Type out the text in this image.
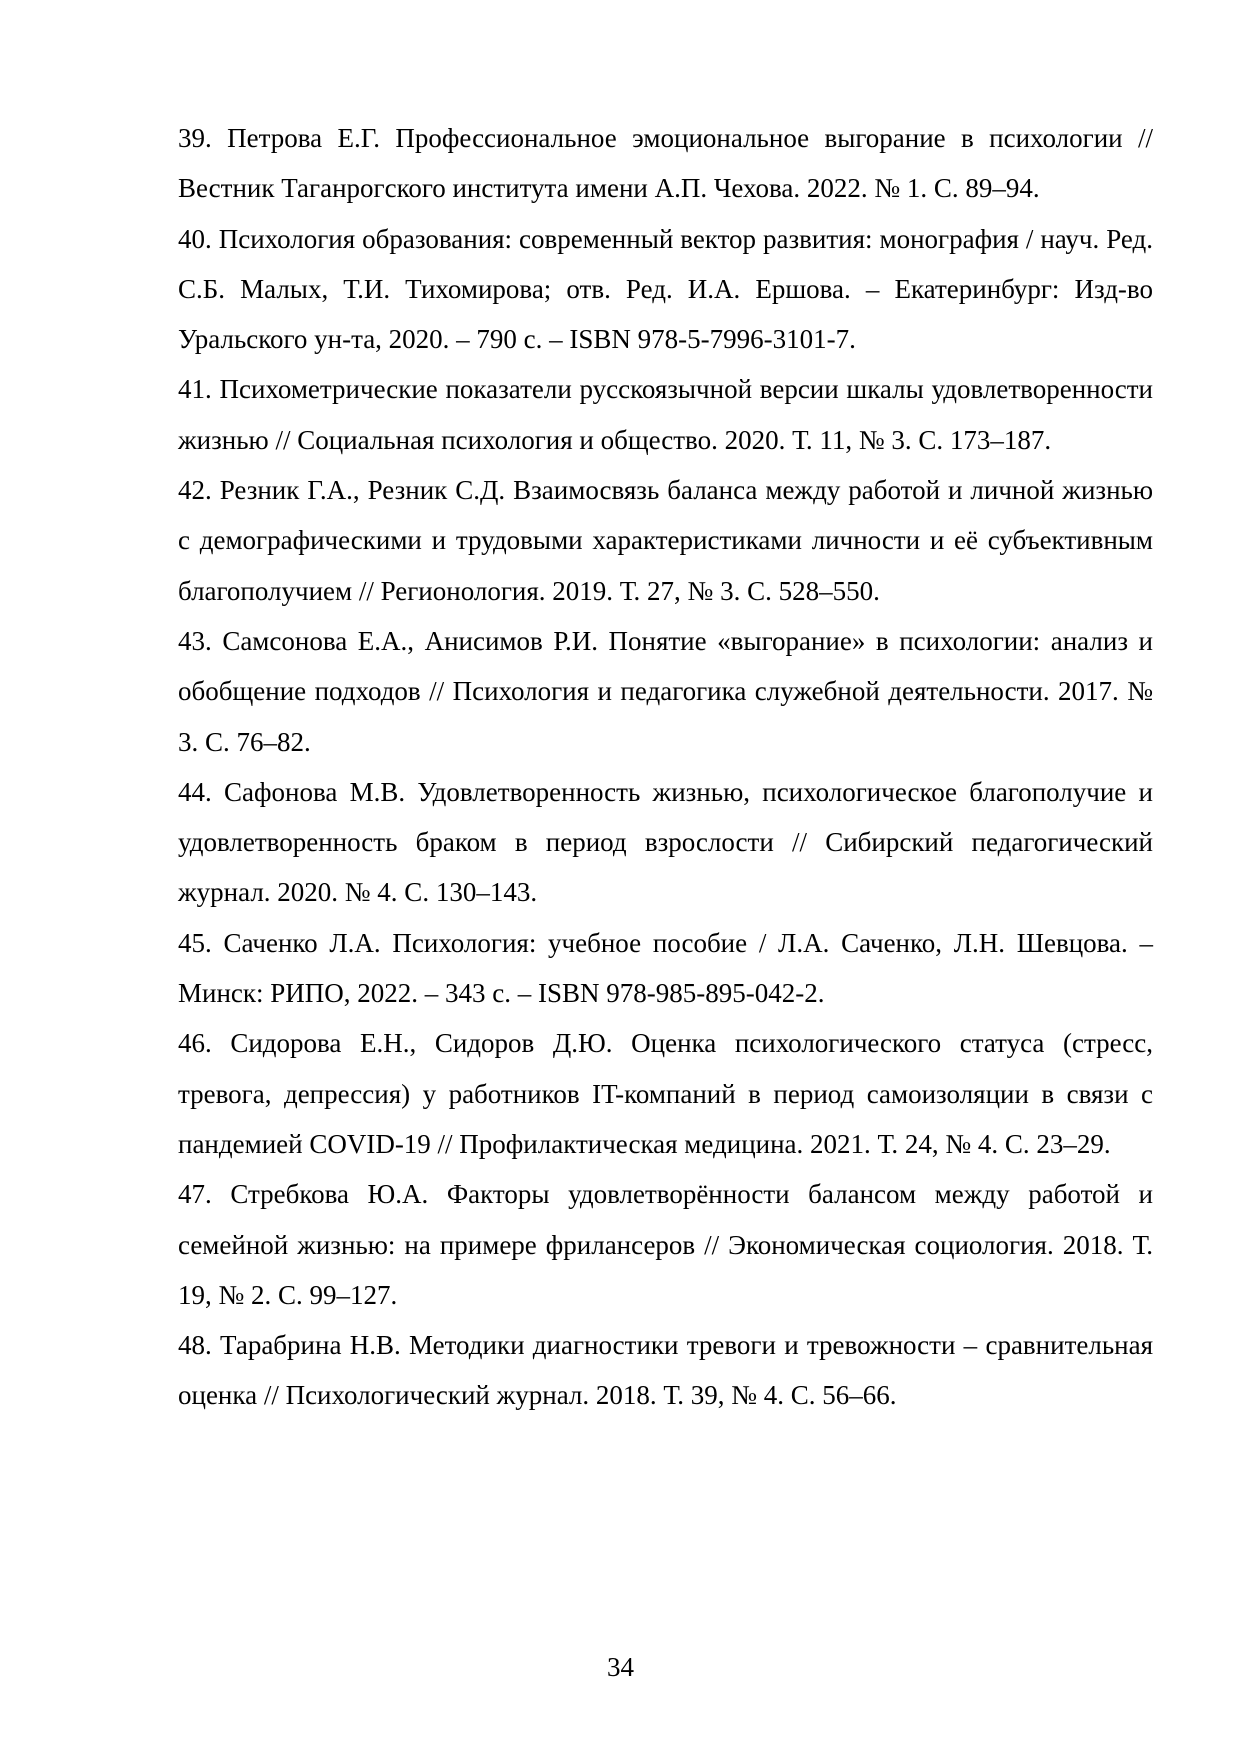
39. Петрова Е.Г. Профессиональное эмоциональное выгорание в психологии // Вестник Таганрогского института имени А.П. Чехова. 2022. № 1. С. 89–94.
40. Психология образования: современный вектор развития: монография / науч. Ред. С.Б. Малых, Т.И. Тихомирова; отв. Ред. И.А. Ершова. – Екатеринбург: Изд-во Уральского ун-та, 2020. – 790 с. – ISBN 978-5-7996-3101-7.
41. Психометрические показатели русскоязычной версии шкалы удовлетворенности жизнью // Социальная психология и общество. 2020. Т. 11, № 3. С. 173–187.
42. Резник Г.А., Резник С.Д. Взаимосвязь баланса между работой и личной жизнью с демографическими и трудовыми характеристиками личности и её субъективным благополучием // Регионология. 2019. Т. 27, № 3. С. 528–550.
43. Самсонова Е.А., Анисимов Р.И. Понятие «выгорание» в психологии: анализ и обобщение подходов // Психология и педагогика служебной деятельности. 2017. № 3. С. 76–82.
44. Сафонова М.В. Удовлетворенность жизнью, психологическое благополучие и удовлетворенность браком в период взрослости // Сибирский педагогический журнал. 2020. № 4. С. 130–143.
45. Саченко Л.А. Психология: учебное пособие / Л.А. Саченко, Л.Н. Шевцова. – Минск: РИПО, 2022. – 343 с. – ISBN 978-985-895-042-2.
46. Сидорова Е.Н., Сидоров Д.Ю. Оценка психологического статуса (стресс, тревога, депрессия) у работников IT-компаний в период самоизоляции в связи с пандемией COVID-19 // Профилактическая медицина. 2021. Т. 24, № 4. С. 23–29.
47. Стребкова Ю.А. Факторы удовлетворённости балансом между работой и семейной жизнью: на примере фрилансеров // Экономическая социология. 2018. Т. 19, № 2. С. 99–127.
48. Тарабрина Н.В. Методики диагностики тревоги и тревожности – сравнительная оценка // Психологический журнал. 2018. Т. 39, № 4. С. 56–66.
34
